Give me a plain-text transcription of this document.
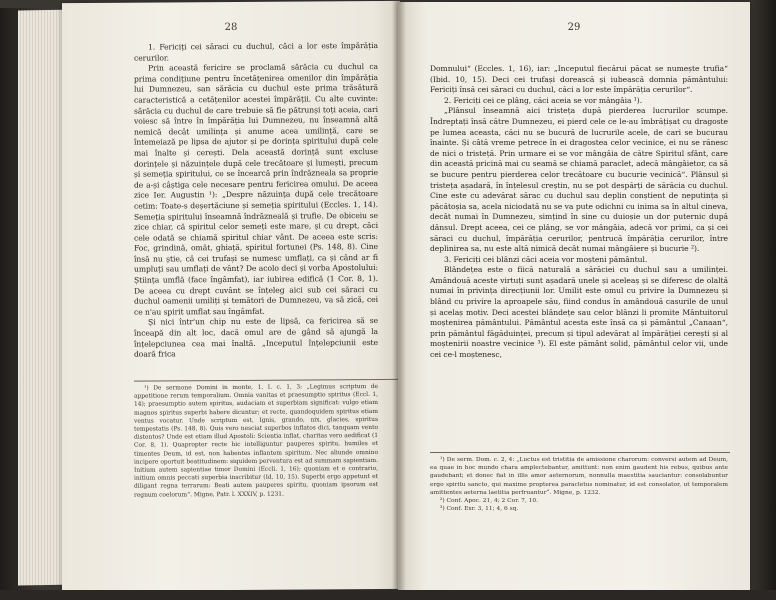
28

1. Fericiți cei săraci cu duchul, căci a lor este împărăția cerurilor.

Prin această fericire se proclamă sărăcia cu duchul ca prima condițiune pentru încetățenirea omenilor din împărăția lui Dumnezeu, san sărăcia cu duchul este prima trăsătură caracteristică a cetățenilor acestei împărății. Cu alte cuvinte: sărăcia cu duchul de care trebuie să fie pătrunși toți aceia, cari voiesc să între în împărăția lui Dumnezeu, nu înseamnă altă nemică decât umilința și anume acea umilință, care se întemeiază pe lipsa de ajutor și pe dorința spiritului după cele mai înalte și cerești. Dela această dorință sunt excluse dorințele și năzuințele după cele trecătoare și lumești, precum și semeția spiritului, ce se încearcă prin îndrăzneala sa proprie de a-și câștiga cele necesare pentru fericirea omului. De aceea zice Ier. Augustin ¹): „Despre năzuința după cele trecătoare cetim: Toate-s deșertăciune și semeția spiritului (Eccles. 1, 14). Semeția spiritului înseamnă îndrăzneală și trufie. De obiceiu se zice chiar, că spiritul celor semeți este mare, și cu drept, căci cele odată se chiamă spiritul chiar vânt. De aceea este scris: Foc, grindină, omăt, ghiață, spiritul fortunei (Ps. 148, 8). Cine însă nu știe, că cei trufași se numesc umflați, ca și când ar fi umpluți sau umflați de vânt? De acolo deci și vorba Apostolului: Știința umflă (face îngâmfat), iar iubirea edifică (1 Cor. 8, 1). De aceea cu drept cuvânt se înțeleg aici sub cei săraci cu duchul oamenii umiliți și temători de Dumnezeu, va să zică, cei ce n'au spirit umflat sau îngâmfat.

Și nici într'un chip nu este de lipsă, ca fericirea să se înceapă din alt loc, dacă omul are de gând să ajungă la înțelepciunea cea mai înaltă. „Inceputul înțelepciunii este doară frica

¹) De sermone Domini in monte, 1. I. c. 1, 3: „Legimus scriptum de appetitione rerum temporalium. Omnia vanitas et praesumptio spiritus (Eccl. 1, 14); praesumptio autem spiritus, audaciam et superbiam significat: vulgo etiam magnos spiritus superbi habere dicuntur; et recte, quandoquidem spiritus etiam ventus vocatur. Unde scriptum est, Ignis, grando, nix, glacies, spiritus tempestatis (Ps. 148, 8). Quis vero nesciat superbos inflatos dici, tanquam vento distentos? Unde est etiam illud Apostoli: Scientia inflat, charitas vero aedificat (1 Cor. 8, 1). Quapropter recte hic intelliguntur pauperes spiritu, humiles et timentes Deum, id est, non habentes inflantem spiritum. Nec aliunde omnino incipere oportuit beatitudinem: siquidem perventura est ad summam sapientiam. Initium autem sapientiae timor Domini (Eccli. 1, 16); quoniam et e contrario, initium omnis peccati superbia inscribitur (Id. 10, 15). Superbi ergo appetunt et diligant regna terrarum: Beati autem pauperes spiritu, quoniam ipsorum est regnum coelorum“. Migne, Patr. l. XXXIV, p. 1231.

29

Domnului“ (Eccles. 1, 16), iar: „Inceputul fiecărui păcat se numește trufia“ (Ibid. 10, 15). Deci cei trufași dorească și iubească domnia pământului: Fericiți însă cei săraci cu duchul, căci a lor este împărăția cerurilor“.

2. Fericiți cei ce plâng, căci aceia se vor mângâia ¹).

„Plânsul înseamnă aici tristeța după pierderea lucrurilor scumpe. Îndreptați însă către Dumnezeu, ei pierd cele ce le-au îmbrățișat cu dragoste pe lumea aceasta, căci nu se bucură de lucrurile acele, de cari se bucurau înainte. Și câtă vreme petrece în ei dragostea celor vecinice, ei nu se rănesc de nici o tristeță. Prin urmare ei se vor mângâia de către Spiritul sfânt, care din această pricină mai cu seamă se chiamă paraclet, adecă mângâietor, ca să se bucure pentru pierderea celor trecătoare cu bucurie vecinică“. Plânsul și tristeța așadară, în înțelesul creștin, nu se pot despărți de sărăcia cu duchul. Cine este cu adevărat sărac cu duchul sau deplin conștient de neputința și păcătoșia sa, acela niciodată nu se va pute odichni cu inima sa în altul cineva, decât numai în Dumnezeu, simțind în sine cu duioșie un dor puternic după dânsul. Drept aceea, cei ce plâng, se vor mângâia, adecă vor primi, ca și cei săraci cu duchul, împărăția cerurilor, pentrucă împărăția cerurilor, între deplinirea sa, nu este altă nimică decât numai mângâiere și bucurie ²).

3. Fericiți cei blânzi căci aceia vor moșteni pământul.

Blândețea este o fiică naturală a sărăciei cu duchul sau a umilinței. Amândouă aceste virtuți sunt așadară unele și aceleaș și se diferesc de olaltă numai în privința direcțiunii lor. Umilit este omul cu privire la Dumnezeu și blând cu privire la aproapele său, fiind condus în amândouă casurile de unul și acelaș motiv. Deci acestei blândețe sau celor blânzi li promite Mântuitorul moștenirea pământului. Pământul acesta este însă ca și pământul „Canaan“, prin pământul făgăduinței, precum și tipul adevărat al împărăției cerești și al moștenirii noastre vecinice ³). El este pământ solid, pământul celor vii, unde cei ce-l moștenesc,

¹) De serm. Dom. c. 2, 4: „Luctus est tristitia de amissione charorum: conversi autem ad Deum, ea quae in hoc mundo chara amplectebantur, amittunt: non enim gaudent his rebus, quibus ante gaudebant; et donec fiat in illis amor aeternorum, nonnulla maestitia sauciantur: consolabuntur ergo spiritu sancto, qui maxime propterea paracletus nominatur, id est consolator, ut temporalem amittentes aeterna laetitia perfruantur“. Migne, p. 1232.

²) Conf. Apoc. 21, 4; 2 Cor. 7, 10.

³) Conf. Exr. 3, 11; 4, 6 sq.
